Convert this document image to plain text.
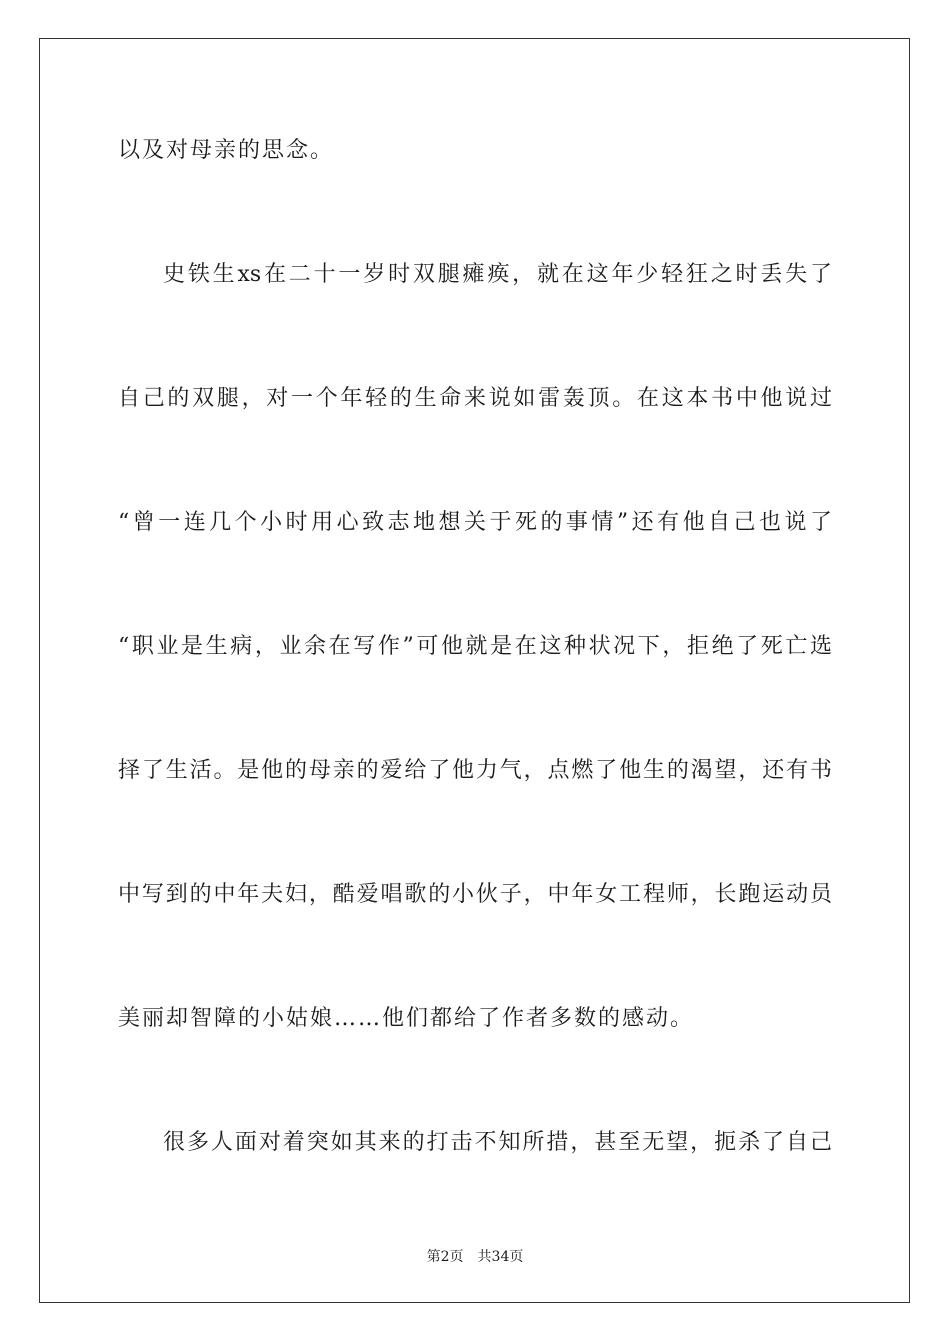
以及对母亲的思念。
史铁生xs在二十一岁时双腿瘫痪，就在这年少轻狂之时丢失了
自己的双腿，对一个年轻的生命来说如雷轰顶。在这本书中他说过
“曾一连几个小时用心致志地想关于死的事情”还有他自己也说了
“职业是生病，业余在写作”可他就是在这种状况下，拒绝了死亡选
择了生活。是他的母亲的爱给了他力气，点燃了他生的渴望，还有书
中写到的中年夫妇，酷爱唱歌的小伙子，中年女工程师，长跑运动员
美丽却智障的小姑娘……他们都给了作者多数的感动。
很多人面对着突如其来的打击不知所措，甚至无望，扼杀了自己
第2页 共34页
